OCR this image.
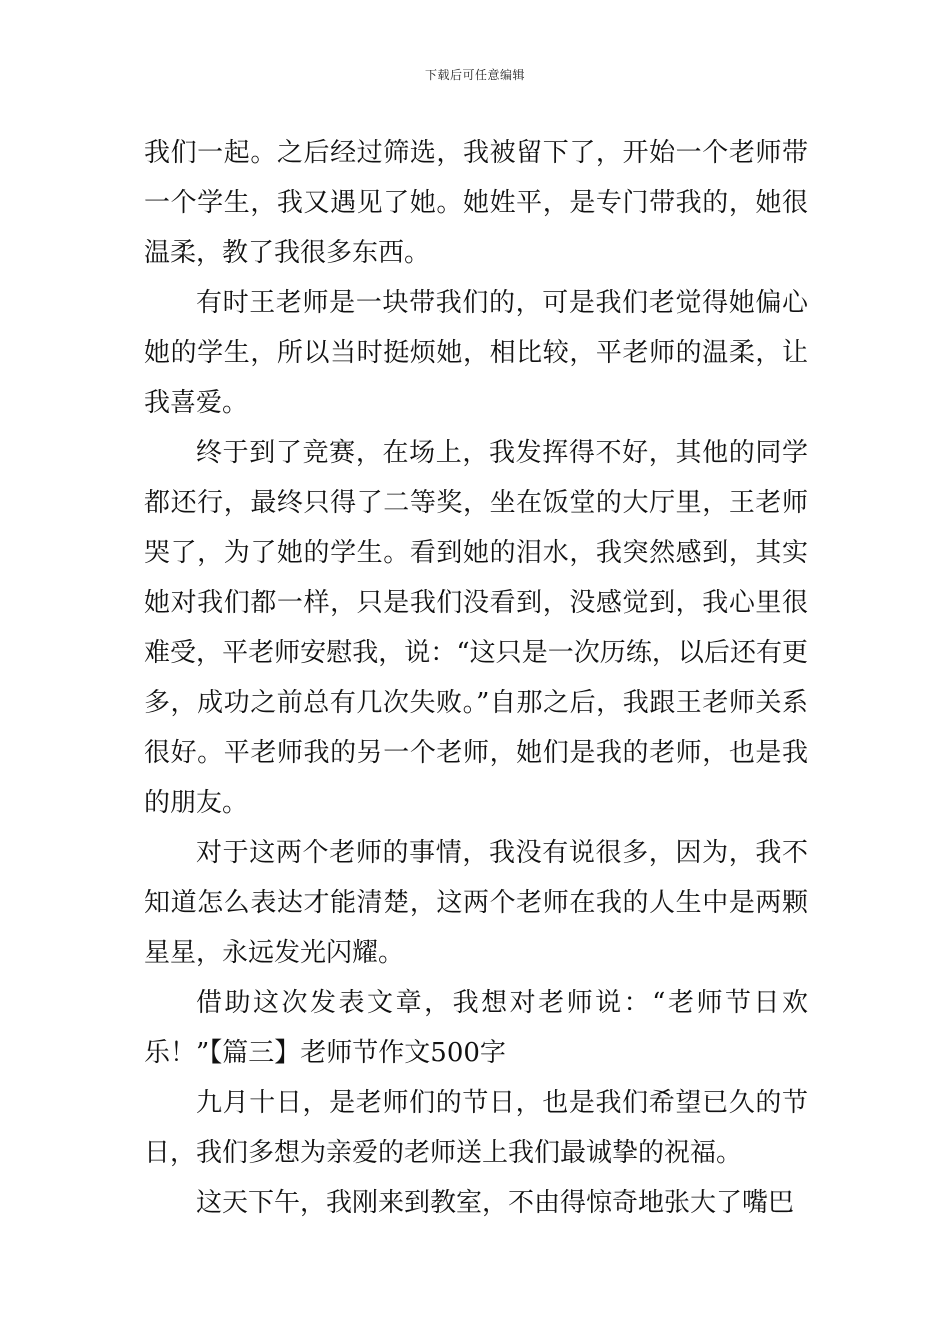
下载后可任意编辑

我们一起。之后经过筛选，我被留下了，开始一个老师带一个学生，我又遇见了她。她姓平，是专门带我的，她很温柔，教了我很多东西。

有时王老师是一块带我们的，可是我们老觉得她偏心她的学生，所以当时挺烦她，相比较，平老师的温柔，让我喜爱。

终于到了竞赛，在场上，我发挥得不好，其他的同学都还行，最终只得了二等奖，坐在饭堂的大厅里，王老师哭了，为了她的学生。看到她的泪水，我突然感到，其实她对我们都一样，只是我们没看到，没感觉到，我心里很难受，平老师安慰我，说：“这只是一次历练，以后还有更多，成功之前总有几次失败。”自那之后，我跟王老师关系很好。平老师我的另一个老师，她们是我的老师，也是我的朋友。

对于这两个老师的事情，我没有说很多，因为，我不知道怎么表达才能清楚，这两个老师在我的人生中是两颗星星，永远发光闪耀。

借助这次发表文章，我想对老师说：“老师节日欢乐！”【篇三】老师节作文500字

九月十日，是老师们的节日，也是我们希望已久的节日，我们多想为亲爱的老师送上我们最诚挚的祝福。

这天下午，我刚来到教室，不由得惊奇地张大了嘴巴
